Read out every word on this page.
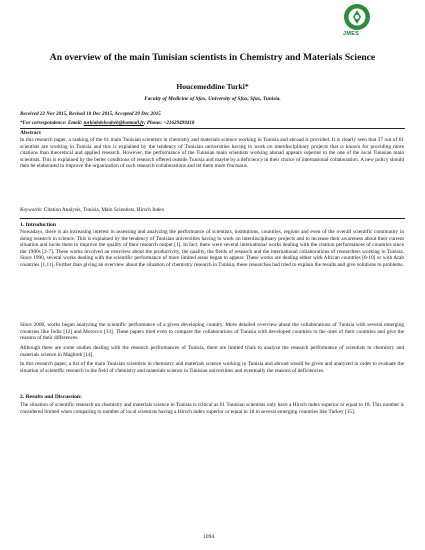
JMES
An overview of the main Tunisian scientists in Chemistry and Materials Science
Houcemeddine Turki*
Faculty of Medicine of Sfax, University of Sfax, Sfax, Tunisia.
Received 22 Nov 2015, Revised 18 Dec 2015, Accepted 29 Dec 2015
*For correspondence: Email: turkiabdelwaheb@hotmail.fr; Phone: +21629499418
Abstract
In this research paper, a ranking of the 61 main Tunisian scientists in chemistry and materials science working in Tunisia and abroad is provided. It is clearly seen that 37 out of 61 scientists are working in Tunisia and this is explained by the tendency of Tunisian universities having to work on interdisciplinary projects that is known for providing more citations than theoretical and applied research. However, the performance of the Tunisian main scientists working abroad appears superior to the one of the local Tunisian main scientists. This is explained by the better conditions of research offered outside Tunisia and maybe by a deficiency in their choice of international collaboration. A new policy should then be elaborated to improve the organization of such research collaborations and let them more fructuous.
Keywords: Citation Analysis, Tunisia, Main Scientists, Hirsch Index
1. Introduction
Nowadays, there is an increasing interest in assessing and analyzing the performance of scientists, institutions, countries, regions and even of the overall scientific community in doing research in science. This is explained by the tendency of Tunisian universities having to work on interdisciplinary projects and to increase their awareness about their current situation and incite them to improve the quality of their research output [1]. In fact, there were several international works dealing with the citation performances of countries since the 1980s [2-7]. These works involved an overview about the productivity, the quality, the fields of research and the international collaborations of researchers working in Tunisia. Since 1990, several works dealing with the scientific performance of more limited areas began to appear. These works are dealing either with African countries [8-10] or with Arab countries [1,11]. Further than giving an overview about the situation of chemistry research in Tunisia, these researches had tried to explain the results and give solutions to problems.
Since 2006, works began analyzing the scientific performance of a given developing country. More detailed overview about the collaborations of Tunisia with several emerging countries like India [12] and Morocco [13]. These papers tried even to compare the collaborations of Tunisia with developed countries to the ones of their countries and give the reasons of their differences.
Although there are some studies dealing with the research performances of Tunisia, there are limited trials to analyze the research performance of scientists in chemistry and materials science in Maghreb [14].
In this research paper, a list of the main Tunisian scientists in chemistry and materials science working in Tunisia and abroad would be given and analyzed in order to evaluate the situation of scientific research in the field of chemistry and materials science in Tunisian universities and eventually the reasons of deficiencies.
2. Results and Discussion:
The situation of scientific research on chemistry and materials science in Tunisia is critical as 61 Tunisian scientists only have a Hirsch index superior or equal to 18. This number is considered limited when comparing to number of local scientists having a Hirsch index superior or equal to 18 in several emerging countries like Turkey [15].
1094
